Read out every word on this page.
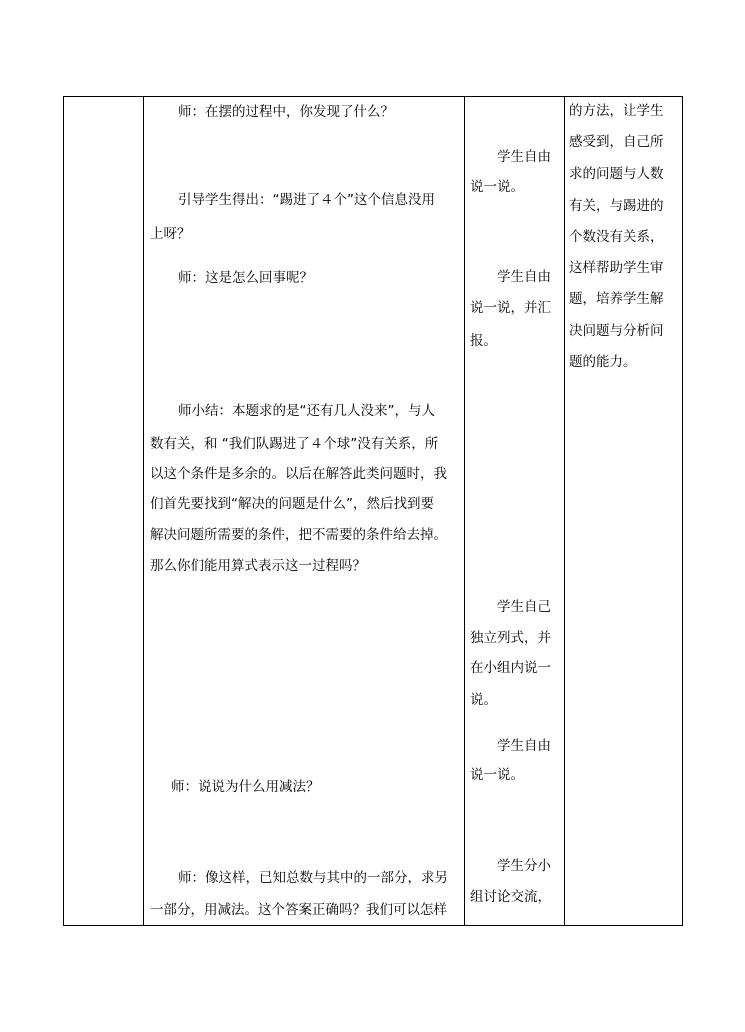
师：在摆的过程中，你发现了什么？
引导学生得出：“踢进了４个”这个信息没用
上呀？
师：这是怎么回事呢？
师小结：本题求的是“还有几人没来”，与人
数有关，和 “我们队踢进了４个球”没有关系，所
以这个条件是多余的。以后在解答此类问题时，我
们首先要找到“解决的问题是什么”，然后找到要
解决问题所需要的条件，把不需要的条件给去掉。
那么你们能用算式表示这一过程吗？
师：说说为什么用减法？
师：像这样，已知总数与其中的一部分，求另
一部分，用减法。这个答案正确吗？我们可以怎样
学生自由
说一说。
学生自由
说一说，并汇
报。
学生自己
独立列式，并
在小组内说一
说。
学生自由
说一说。
学生分小
组讨论交流，
的方法，让学生
感受到，自己所
求的问题与人数
有关，与踢进的
个数没有关系，
这样帮助学生审
题，培养学生解
决问题与分析问
题的能力。
